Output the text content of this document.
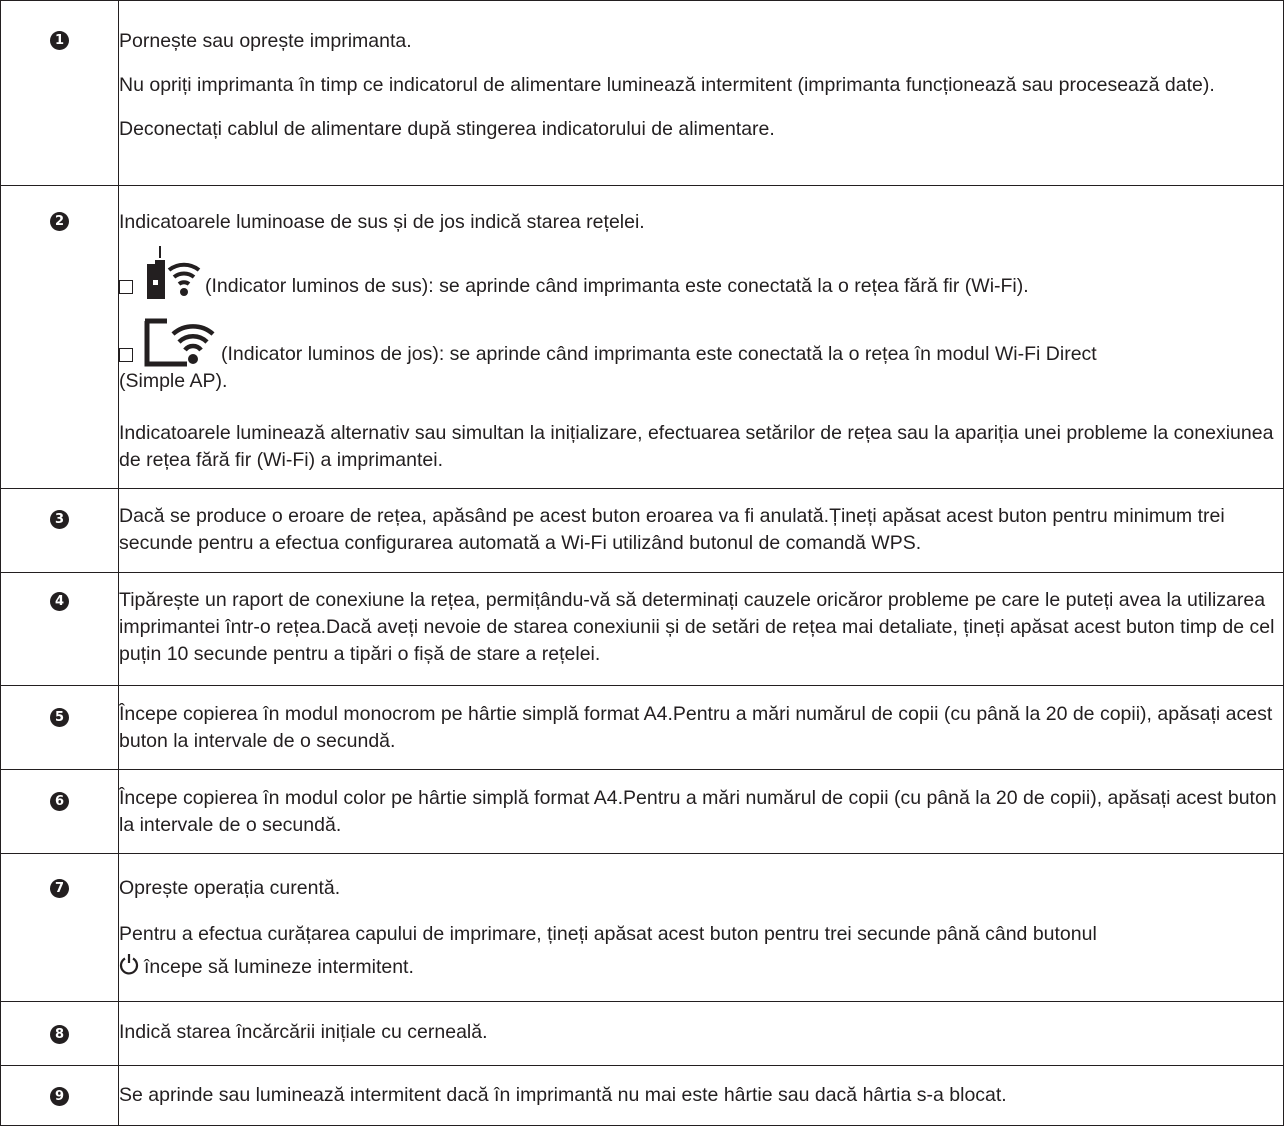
1	Pornește sau oprește imprimanta.

Nu opriți imprimanta în timp ce indicatorul de alimentare luminează intermitent (imprimanta funcționează sau procesează date).

Deconectați cablul de alimentare după stingerea indicatorului de alimentare.

2	Indicatoarele luminoase de sus și de jos indică starea rețelei.

(Indicator luminos de sus): se aprinde când imprimanta este conectată la o rețea fără fir (Wi-Fi).

(Indicator luminos de jos): se aprinde când imprimanta este conectată la o rețea în modul Wi-Fi Direct

(Simple AP).

Indicatoarele luminează alternativ sau simultan la inițializare, efectuarea setărilor de rețea sau la apariția unei probleme la conexiunea de rețea fără fir (Wi-Fi) a imprimantei.

3	Dacă se produce o eroare de rețea, apăsând pe acest buton eroarea va fi anulată.Țineți apăsat acest buton pentru minimum trei secunde pentru a efectua configurarea automată a Wi-Fi utilizând butonul de comandă WPS.

4	Tipărește un raport de conexiune la rețea, permițându-vă să determinați cauzele oricăror probleme pe care le puteți avea la utilizarea imprimantei într-o rețea.Dacă aveți nevoie de starea conexiunii și de setări de rețea mai detaliate, țineți apăsat acest buton timp de cel puțin 10 secunde pentru a tipări o fișă de stare a rețelei.

5	Începe copierea în modul monocrom pe hârtie simplă format A4.Pentru a mări numărul de copii (cu până la 20 de copii), apăsați acest buton la intervale de o secundă.

6	Începe copierea în modul color pe hârtie simplă format A4.Pentru a mări numărul de copii (cu până la 20 de copii), apăsați acest buton la intervale de o secundă.

7	Oprește operația curentă.

Pentru a efectua curățarea capului de imprimare, țineți apăsat acest buton pentru trei secunde până când butonul

începe să lumineze intermitent.

8	Indică starea încărcării inițiale cu cerneală.

9	Se aprinde sau luminează intermitent dacă în imprimantă nu mai este hârtie sau dacă hârtia s-a blocat.
